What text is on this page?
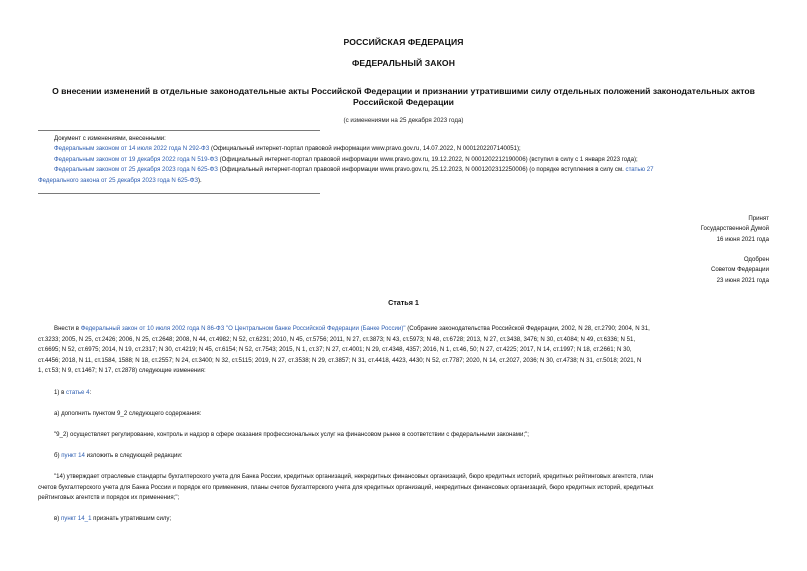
РОССИЙСКАЯ ФЕДЕРАЦИЯ
ФЕДЕРАЛЬНЫЙ ЗАКОН
О внесении изменений в отдельные законодательные акты Российской Федерации и признании утратившими силу отдельных положений законодательных актов
Российской Федерации
(с изменениями на 25 декабря 2023 года)
Документ с изменениями, внесенными:
Федеральным законом от 14 июля 2022 года N 292-ФЗ (Официальный интернет-портал правовой информации www.pravo.gov.ru, 14.07.2022, N 0001202207140051);
Федеральным законом от 19 декабря 2022 года N 519-ФЗ (Официальный интернет-портал правовой информации www.pravo.gov.ru, 19.12.2022, N 0001202212190006) (вступил в силу с 1 января 2023 года);
Федеральным законом от 25 декабря 2023 года N 625-ФЗ (Официальный интернет-портал правовой информации www.pravo.gov.ru, 25.12.2023, N 0001202312250006) (о порядке вступления в силу см. статью 27
Федерального закона от 25 декабря 2023 года N 625-ФЗ).
Принят
Государственной Думой
16 июня 2021 года
Одобрен
Советом Федерации
23 июня 2021 года
Статья 1
Внести в Федеральный закон от 10 июля 2002 года N 86-ФЗ "О Центральном банке Российской Федерации (Банке России)" (Собрание законодательства Российской Федерации, 2002, N 28, ст.2790; 2004, N 31,
ст.3233; 2005, N 25, ст.2426; 2006, N 25, ст.2648; 2008, N 44, ст.4982; N 52, ст.6231; 2010, N 45, ст.5756; 2011, N 27, ст.3873; N 43, ст.5973; N 48, ст.6728; 2013, N 27, ст.3438, 3476; N 30, ст.4084; N 49, ст.6336; N 51,
ст.6695; N 52, ст.6975; 2014, N 19, ст.2317; N 30, ст.4219; N 45, ст.6154; N 52, ст.7543; 2015, N 1, ст.37; N 27, ст.4001; N 29, ст.4348, 4357; 2016, N 1, ст.46, 50; N 27, ст.4225; 2017, N 14, ст.1997; N 18, ст.2661; N 30,
ст.4456; 2018, N 11, ст.1584, 1588; N 18, ст.2557; N 24, ст.3400; N 32, ст.5115; 2019, N 27, ст.3538; N 29, ст.3857; N 31, ст.4418, 4423, 4430; N 52, ст.7787; 2020, N 14, ст.2027, 2036; N 30, ст.4738; N 31, ст.5018; 2021, N
1, ст.53; N 9, ст.1467; N 17, ст.2878) следующие изменения:
1) в статье 4:
а) дополнить пунктом 9_2 следующего содержания:
"9_2) осуществляет регулирование, контроль и надзор в сфере оказания профессиональных услуг на финансовом рынке в соответствии с федеральными законами;";
б) пункт 14 изложить в следующей редакции:
"14) утверждает отраслевые стандарты бухгалтерского учета для Банка России, кредитных организаций, некредитных финансовых организаций, бюро кредитных историй, кредитных рейтинговых агентств, план
счетов бухгалтерского учета для Банка России и порядок его применения, планы счетов бухгалтерского учета для кредитных организаций, некредитных финансовых организаций, бюро кредитных историй, кредитных
рейтинговых агентств и порядок их применения;";
в) пункт 14_1 признать утратившим силу;
